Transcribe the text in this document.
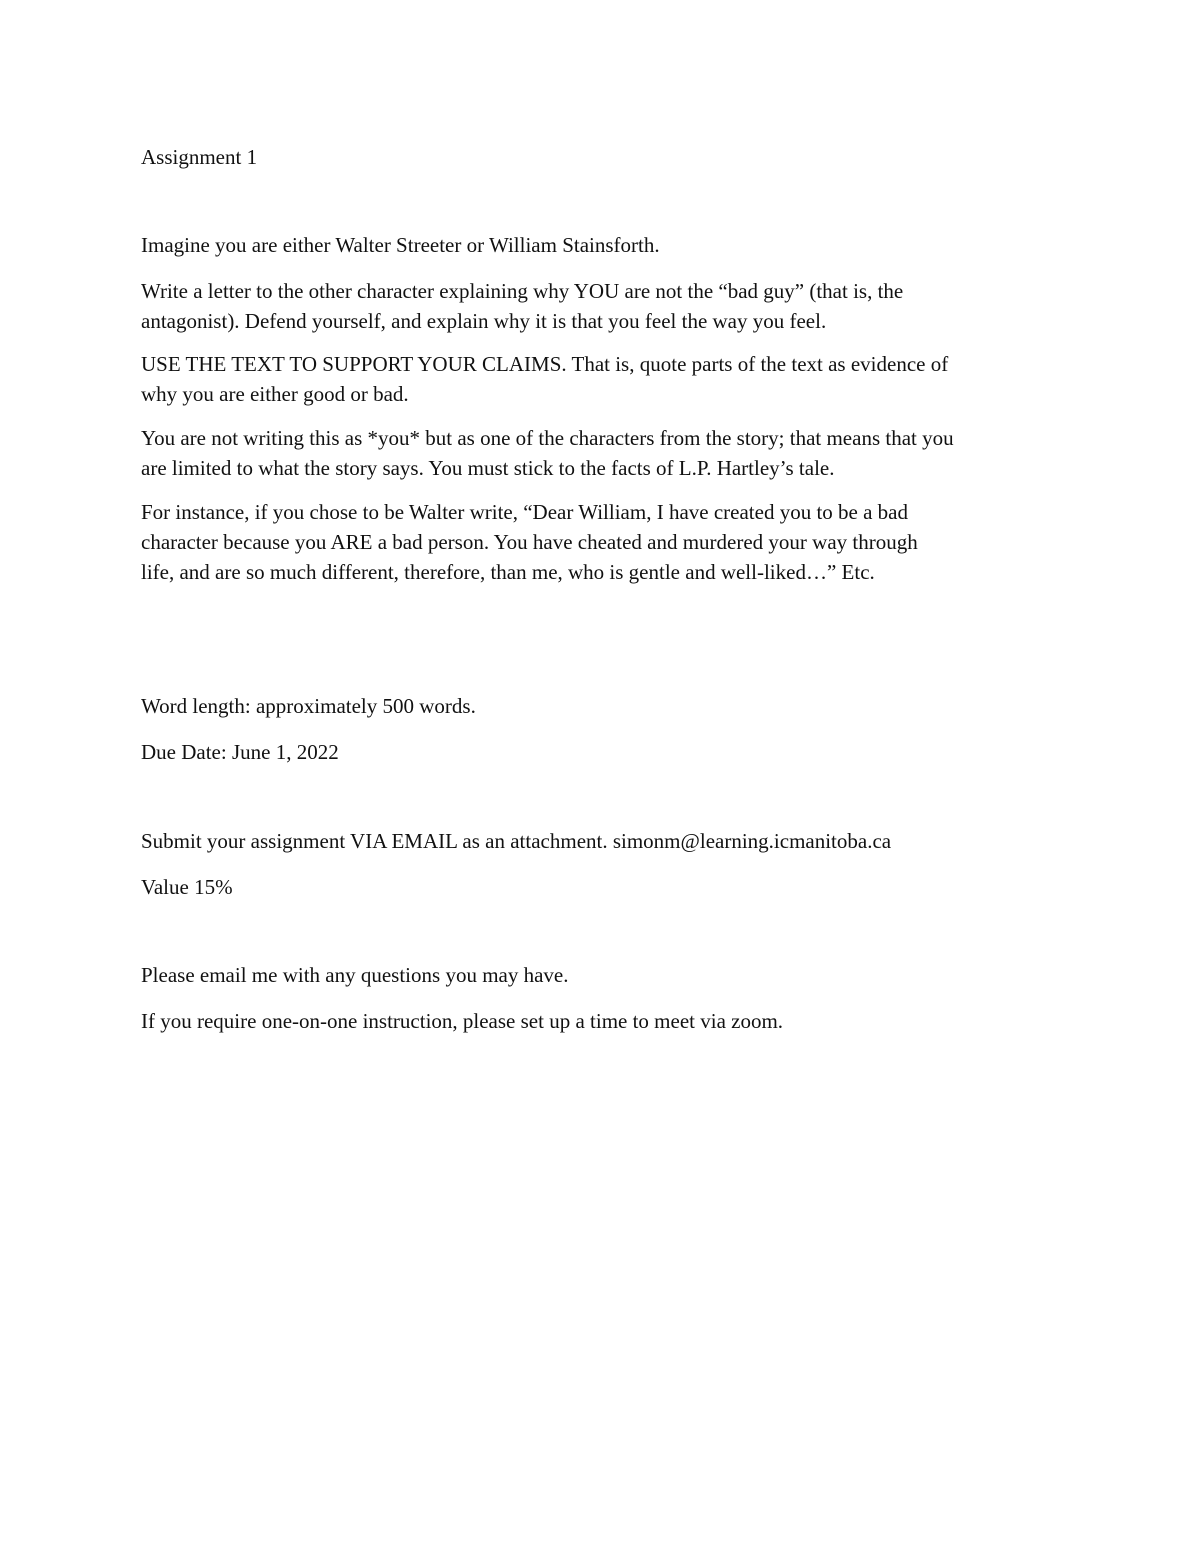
Assignment 1

Imagine you are either Walter Streeter or William Stainsforth.

Write a letter to the other character explaining why YOU are not the “bad guy” (that is, the

antagonist). Defend yourself, and explain why it is that you feel the way you feel.

USE THE TEXT TO SUPPORT YOUR CLAIMS. That is, quote parts of the text as evidence of

why you are either good or bad.

You are not writing this as *you* but as one of the characters from the story; that means that you

are limited to what the story says. You must stick to the facts of L.P. Hartley’s tale.

For instance, if you chose to be Walter write, “Dear William, I have created you to be a bad

character because you ARE a bad person. You have cheated and murdered your way through

life, and are so much different, therefore, than me, who is gentle and well-liked…” Etc.

Word length: approximately 500 words.

Due Date: June 1, 2022

Submit your assignment VIA EMAIL as an attachment. simonm@learning.icmanitoba.ca

Value 15%

Please email me with any questions you may have.

If you require one-on-one instruction, please set up a time to meet via zoom.
